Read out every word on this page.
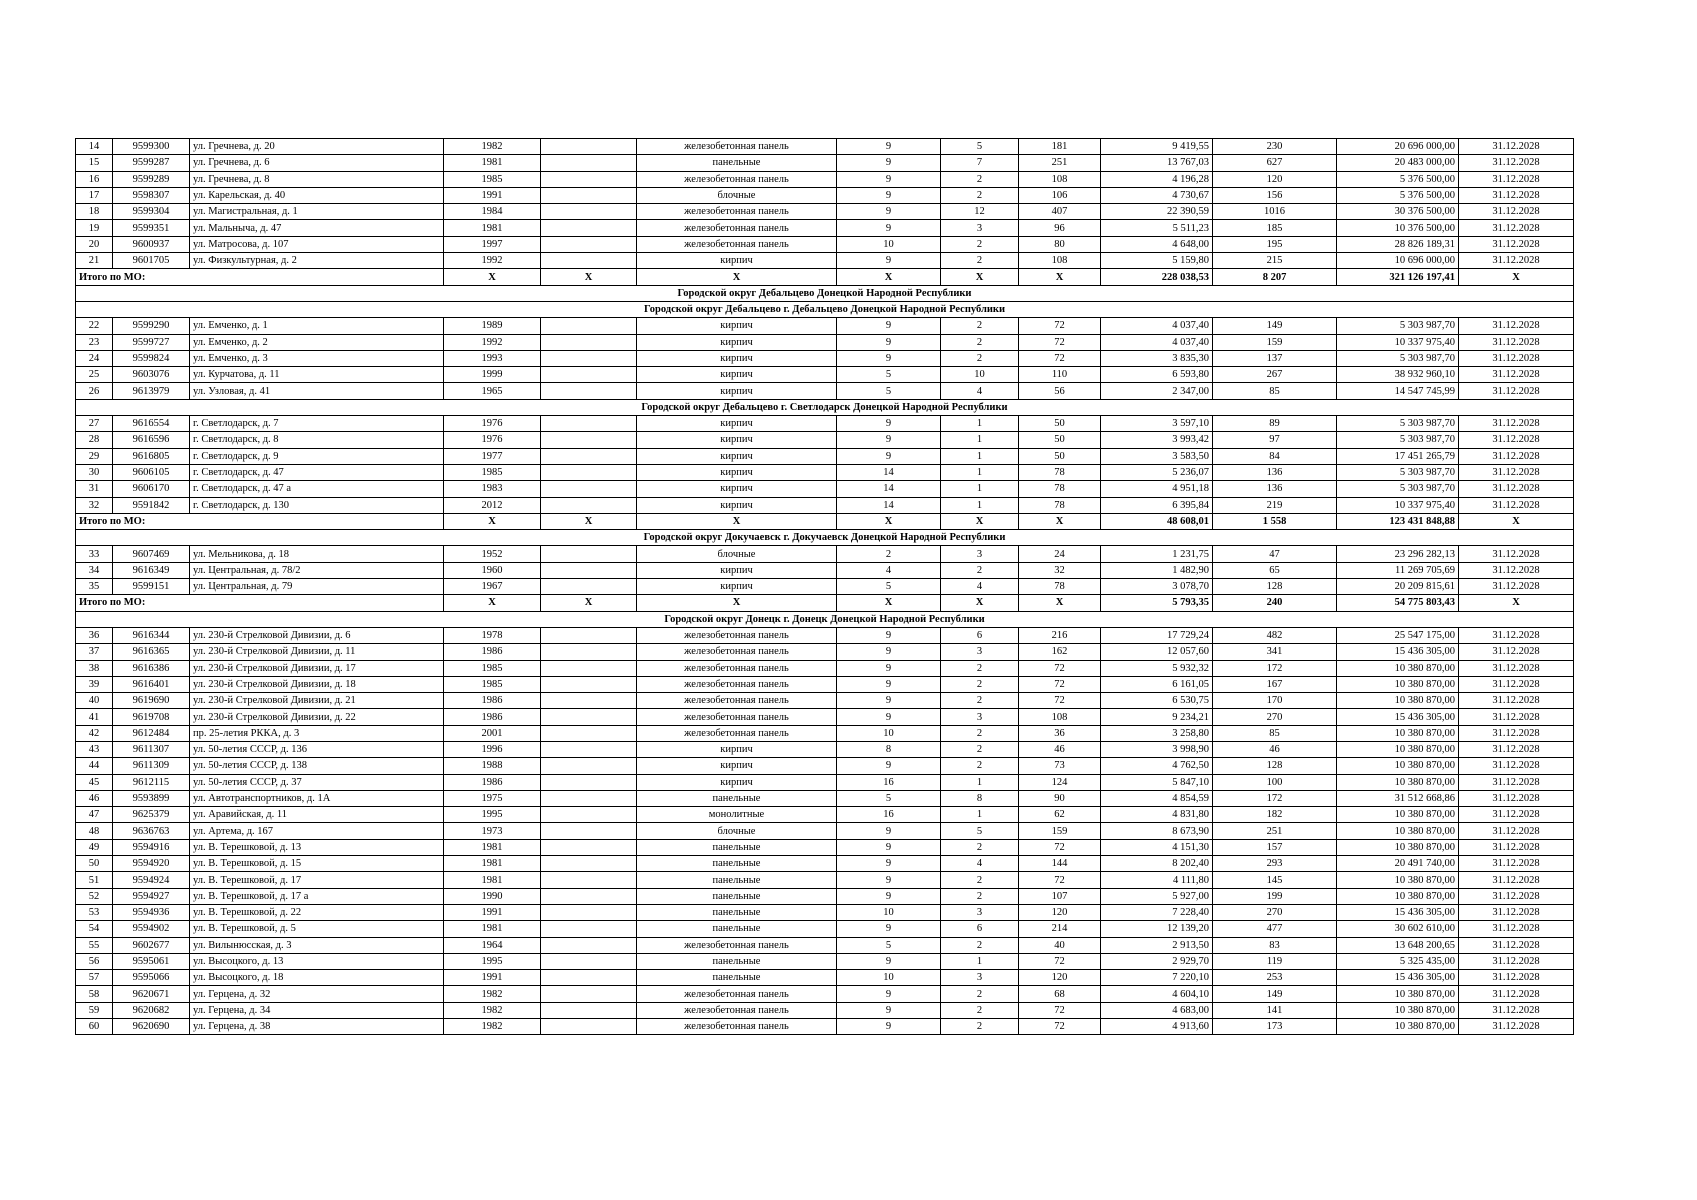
14	9599300	ул. Гречнева, д. 20	1982		железобетонная панель	9	5	181	9 419,55	230	20 696 000,00	31.12.2028
15	9599287	ул. Гречнева, д. 6	1981		панельные	9	7	251	13 767,03	627	20 483 000,00	31.12.2028
16	9599289	ул. Гречнева, д. 8	1985		железобетонная панель	9	2	108	4 196,28	120	5 376 500,00	31.12.2028
17	9598307	ул. Карельская, д. 40	1991		блочные	9	2	106	4 730,67	156	5 376 500,00	31.12.2028
18	9599304	ул. Магистральная, д. 1	1984		железобетонная панель	9	12	407	22 390,59	1016	30 376 500,00	31.12.2028
19	9599351	ул. Мальныча, д. 47	1981		железобетонная панель	9	3	96	5 511,23	185	10 376 500,00	31.12.2028
20	9600937	ул. Матросова, д. 107	1997		железобетонная панель	10	2	80	4 648,00	195	28 826 189,31	31.12.2028
21	9601705	ул. Физкультурная, д. 2	1992		кирпич	9	2	108	5 159,80	215	10 696 000,00	31.12.2028
Итого по МО:			X	X	X	X	X	X	228 038,53	8 207	321 126 197,41	X
Городской округ Дебальцево Донецкой Народной Республики												
Городской округ Дебальцево г. Дебальцево Донецкой Народной Республики												
22	9599290	ул. Емченко, д. 1	1989		кирпич	9	2	72	4 037,40	149	5 303 987,70	31.12.2028
23	9599727	ул. Емченко, д. 2	1992		кирпич	9	2	72	4 037,40	159	10 337 975,40	31.12.2028
24	9599824	ул. Емченко, д. 3	1993		кирпич	9	2	72	3 835,30	137	5 303 987,70	31.12.2028
25	9603076	ул. Курчатова, д. 11	1999		кирпич	5	10	110	6 593,80	267	38 932 960,10	31.12.2028
26	9613979	ул. Узловая, д. 41	1965		кирпич	5	4	56	2 347,00	85	14 547 745,99	31.12.2028
Городской округ Дебальцево г. Светлодарск Донецкой Народной Республики												
27	9616554	г. Светлодарск, д. 7	1976		кирпич	9	1	50	3 597,10	89	5 303 987,70	31.12.2028
28	9616596	г. Светлодарск, д. 8	1976		кирпич	9	1	50	3 993,42	97	5 303 987,70	31.12.2028
29	9616805	г. Светлодарск, д. 9	1977		кирпич	9	1	50	3 583,50	84	17 451 265,79	31.12.2028
30	9606105	г. Светлодарск, д. 47	1985		кирпич	14	1	78	5 236,07	136	5 303 987,70	31.12.2028
31	9606170	г. Светлодарск, д. 47 а	1983		кирпич	14	1	78	4 951,18	136	5 303 987,70	31.12.2028
32	9591842	г. Светлодарск, д. 130	2012		кирпич	14	1	78	6 395,84	219	10 337 975,40	31.12.2028
Итого по МО:			X	X	X	X	X	X	48 608,01	1 558	123 431 848,88	X
Городской округ Докучаевск г. Докучаевск Донецкой Народной Республики												
33	9607469	ул. Мельникова, д. 18	1952		блочные	2	3	24	1 231,75	47	23 296 282,13	31.12.2028
34	9616349	ул. Центральная, д. 78/2	1960		кирпич	4	2	32	1 482,90	65	11 269 705,69	31.12.2028
35	9599151	ул. Центральная, д. 79	1967		кирпич	5	4	78	3 078,70	128	20 209 815,61	31.12.2028
Итого по МО:			X	X	X	X	X	X	5 793,35	240	54 775 803,43	X
Городской округ Донецк г. Донецк Донецкой Народной Республики												
36	9616344	ул. 230-й Стрелковой Дивизии, д. 6	1978		железобетонная панель	9	6	216	17 729,24	482	25 547 175,00	31.12.2028
37	9616365	ул. 230-й Стрелковой Дивизии, д. 11	1986		железобетонная панель	9	3	162	12 057,60	341	15 436 305,00	31.12.2028
38	9616386	ул. 230-й Стрелковой Дивизии, д. 17	1985		железобетонная панель	9	2	72	5 932,32	172	10 380 870,00	31.12.2028
39	9616401	ул. 230-й Стрелковой Дивизии, д. 18	1985		железобетонная панель	9	2	72	6 161,05	167	10 380 870,00	31.12.2028
40	9619690	ул. 230-й Стрелковой Дивизии, д. 21	1986		железобетонная панель	9	2	72	6 530,75	170	10 380 870,00	31.12.2028
41	9619708	ул. 230-й Стрелковой Дивизии, д. 22	1986		железобетонная панель	9	3	108	9 234,21	270	15 436 305,00	31.12.2028
42	9612484	пр. 25-летия РККА, д. 3	2001		железобетонная панель	10	2	36	3 258,80	85	10 380 870,00	31.12.2028
43	9611307	ул. 50-летия СССР, д. 136	1996		кирпич	8	2	46	3 998,90	46	10 380 870,00	31.12.2028
44	9611309	ул. 50-летия СССР, д. 138	1988		кирпич	9	2	73	4 762,50	128	10 380 870,00	31.12.2028
45	9612115	ул. 50-летия СССР, д. 37	1986		кирпич	16	1	124	5 847,10	100	10 380 870,00	31.12.2028
46	9593899	ул. Автотранспортников, д. 1А	1975		панельные	5	8	90	4 854,59	172	31 512 668,86	31.12.2028
47	9625379	ул. Аравийская, д. 11	1995		монолитные	16	1	62	4 831,80	182	10 380 870,00	31.12.2028
48	9636763	ул. Артема, д. 167	1973		блочные	9	5	159	8 673,90	251	10 380 870,00	31.12.2028
49	9594916	ул. В. Терешковой, д. 13	1981		панельные	9	2	72	4 151,30	157	10 380 870,00	31.12.2028
50	9594920	ул. В. Терешковой, д. 15	1981		панельные	9	4	144	8 202,40	293	20 491 740,00	31.12.2028
51	9594924	ул. В. Терешковой, д. 17	1981		панельные	9	2	72	4 111,80	145	10 380 870,00	31.12.2028
52	9594927	ул. В. Терешковой, д. 17 а	1990		панельные	9	2	107	5 927,00	199	10 380 870,00	31.12.2028
53	9594936	ул. В. Терешковой, д. 22	1991		панельные	10	3	120	7 228,40	270	15 436 305,00	31.12.2028
54	9594902	ул. В. Терешковой, д. 5	1981		панельные	9	6	214	12 139,20	477	30 602 610,00	31.12.2028
55	9602677	ул. Вилынюсская, д. 3	1964		железобетонная панель	5	2	40	2 913,50	83	13 648 200,65	31.12.2028
56	9595061	ул. Высоцкого, д. 13	1995		панельные	9	1	72	2 929,70	119	5 325 435,00	31.12.2028
57	9595066	ул. Высоцкого, д. 18	1991		панельные	10	3	120	7 220,10	253	15 436 305,00	31.12.2028
58	9620671	ул. Герцена, д. 32	1982		железобетонная панель	9	2	68	4 604,10	149	10 380 870,00	31.12.2028
59	9620682	ул. Герцена, д. 34	1982		железобетонная панель	9	2	72	4 683,00	141	10 380 870,00	31.12.2028
60	9620690	ул. Герцена, д. 38	1982		железобетонная панель	9	2	72	4 913,60	173	10 380 870,00	31.12.2028
